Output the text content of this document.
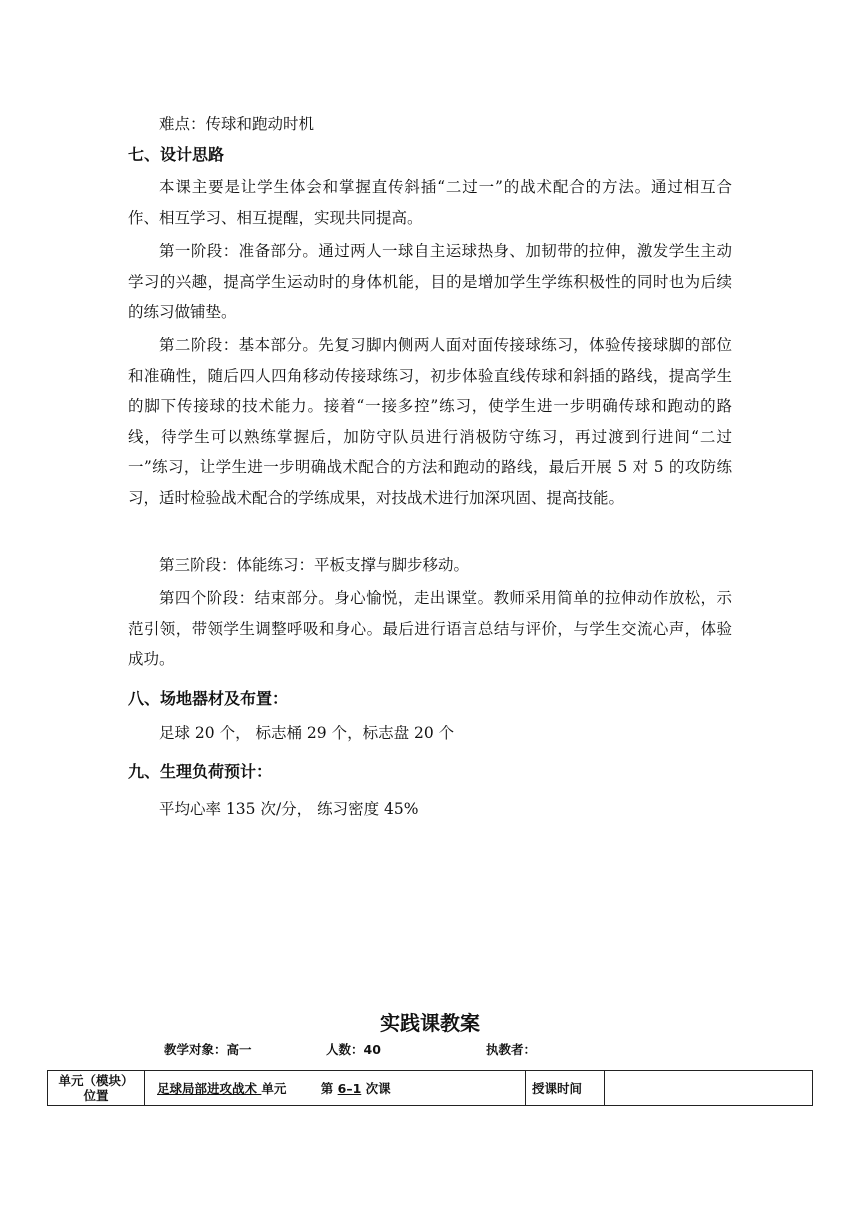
难点：传球和跑动时机
七、设计思路
本课主要是让学生体会和掌握直传斜插“二过一”的战术配合的方法。通过相互合作、相互学习、相互提醒，实现共同提高。
第一阶段：准备部分。通过两人一球自主运球热身、加韧带的拉伸，激发学生主动学习的兴趣，提高学生运动时的身体机能，目的是增加学生学练积极性的同时也为后续的练习做铺垫。
第二阶段：基本部分。先复习脚内侧两人面对面传接球练习，体验传接球脚的部位和准确性，随后四人四角移动传接球练习，初步体验直线传球和斜插的路线，提高学生的脚下传接球的技术能力。接着“一接多控”练习，使学生进一步明确传球和跑动的路线，待学生可以熟练掌握后，加防守队员进行消极防守练习，再过渡到行进间“二过一”练习，让学生进一步明确战术配合的方法和跑动的路线，最后开展 5 对 5 的攻防练习，适时检验战术配合的学练成果，对技战术进行加深巩固、提高技能。
第三阶段：体能练习：平板支撑与脚步移动。
第四个阶段：结束部分。身心愉悦，走出课堂。教师采用简单的拉伸动作放松，示范引领，带领学生调整呼吸和身心。最后进行语言总结与评价，与学生交流心声，体验成功。
八、场地器材及布置：
足球 20 个， 标志桶 29 个，标志盘 20 个
九、生理负荷预计：
平均心率 135 次/分， 练习密度 45%
实践课教案
教学对象：高一	人数：40	执教者：
单元（模块）
位置	足球局部进攻战术 单元	第 6–1 次课	授课时间	
